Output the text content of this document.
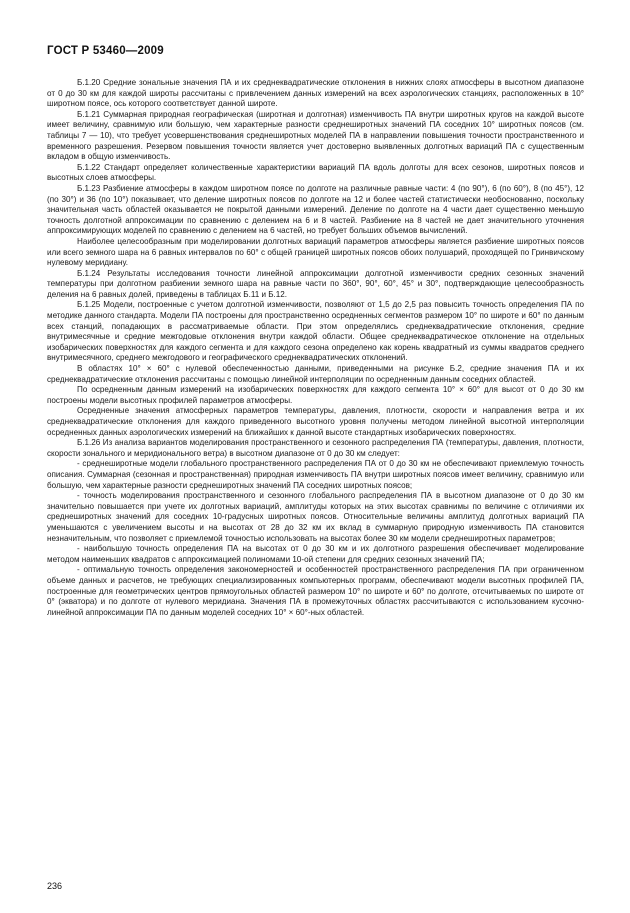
ГОСТ Р 53460—2009

Б.1.20 Средние зональные значения ПА и их среднеквадратические отклонения в нижних слоях атмосферы в высотном диапазоне от 0 до 30 км для каждой широты рассчитаны с привлечением данных измерений на всех аэрологических станциях, расположенных в 10° широтном поясе, ось которого соответствует данной широте.

Б.1.21 Суммарная природная географическая (широтная и долготная) изменчивость ПА внутри широтных кругов на каждой высоте имеет величину, сравнимую или большую, чем характерные разности среднеширотных значений ПА соседних 10° широтных поясов (см. таблицы 7 — 10), что требует усовершенствования среднеширотных моделей ПА в направлении повышения точности пространственного и временного разрешения. Резервом повышения точности является учет достоверно выявленных долготных вариаций ПА с существенным вкладом в общую изменчивость.

Б.1.22 Стандарт определяет количественные характеристики вариаций ПА вдоль долготы для всех сезонов, широтных поясов и высотных слоев атмосферы.

Б.1.23 Разбиение атмосферы в каждом широтном поясе по долготе на различные равные части: 4 (по 90°), 6 (по 60°), 8 (по 45°), 12 (по 30°) и 36 (по 10°) показывает, что деление широтных поясов по долготе на 12 и более частей статистически необоснованно, поскольку значительная часть областей оказывается не покрытой данными измерений. Деление по долготе на 4 части дает существенно меньшую точность долготной аппроксимации по сравнению с делением на 6 и 8 частей. Разбиение на 8 частей не дает значительного уточнения аппроксимирующих моделей по сравнению с делением на 6 частей, но требует больших объемов вычислений.

Наиболее целесообразным при моделировании долготных вариаций параметров атмосферы является разбиение широтных поясов или всего земного шара на 6 равных интервалов по 60° с общей границей широтных поясов обоих полушарий, проходящей по Гринвичскому нулевому меридиану.

Б.1.24 Результаты исследования точности линейной аппроксимации долготной изменчивости средних сезонных значений температуры при долготном разбиении земного шара на равные части по 360°, 90°, 60°, 45° и 30°, подтверждающие целесообразность деления на 6 равных долей, приведены в таблицах Б.11 и Б.12.

Б.1.25 Модели, построенные с учетом долготной изменчивости, позволяют от 1,5 до 2,5 раз повысить точность определения ПА по методике данного стандарта. Модели ПА построены для пространственно осредненных сегментов размером 10° по широте и 60° по данным всех станций, попадающих в рассматриваемые области. При этом определялись среднеквадратические отклонения, средние внутримесячные и средние межгодовые отклонения внутри каждой области. Общее среднеквадратическое отклонение на отдельных изобарических поверхностях для каждого сегмента и для каждого сезона определено как корень квадратный из суммы квадратов среднего внутримесячного, среднего межгодового и географического среднеквадратических отклонений.

В областях 10° × 60° с нулевой обеспеченностью данными, приведенными на рисунке Б.2, средние значения ПА и их среднеквадратические отклонения рассчитаны с помощью линейной интерполяции по осредненным данным соседних областей.

По осредненным данным измерений на изобарических поверхностях для каждого сегмента 10° × 60° для высот от 0 до 30 км построены модели высотных профилей параметров атмосферы.

Осредненные значения атмосферных параметров температуры, давления, плотности, скорости и направления ветра и их среднеквадратические отклонения для каждого приведенного высотного уровня получены методом линейной высотной интерполяции осредненных данных аэрологических измерений на ближайших к данной высоте стандартных изобарических поверхностях.

Б.1.26 Из анализа вариантов моделирования пространственного и сезонного распределения ПА (температуры, давления, плотности, скорости зонального и меридионального ветра) в высотном диапазоне от 0 до 30 км следует:

- среднеширотные модели глобального пространственного распределения ПА от 0 до 30 км не обеспечивают приемлемую точность описания. Суммарная (сезонная и пространственная) природная изменчивость ПА внутри широтных поясов имеет величину, сравнимую или большую, чем характерные разности среднеширотных значений ПА соседних широтных поясов;

- точность моделирования пространственного и сезонного глобального распределения ПА в высотном диапазоне от 0 до 30 км значительно повышается при учете их долготных вариаций, амплитуды которых на этих высотах сравнимы по величине с отличиями их среднеширотных значений для соседних 10-градусных широтных поясов. Относительные величины амплитуд долготных вариаций ПА уменьшаются с увеличением высоты и на высотах от 28 до 32 км их вклад в суммарную природную изменчивость ПА становится незначительным, что позволяет с приемлемой точностью использовать на высотах более 30 км модели среднеширотных параметров;

- наибольшую точность определения ПА на высотах от 0 до 30 км и их долготного разрешения обеспечивает моделирование методом наименьших квадратов с аппроксимацией полиномами 10-ой степени для средних сезонных значений ПА;

- оптимальную точность определения закономерностей и особенностей пространственного распределения ПА при ограниченном объеме данных и расчетов, не требующих специализированных компьютерных программ, обеспечивают модели высотных профилей ПА, построенные для геометрических центров прямоугольных областей размером 10° по широте и 60° по долготе, отсчитываемых по широте от 0° (экватора) и по долготе от нулевого меридиана. Значения ПА в промежуточных областях рассчитываются с использованием кусочно-линейной аппроксимации ПА по данным моделей соседних 10° × 60°-ных областей.

236
